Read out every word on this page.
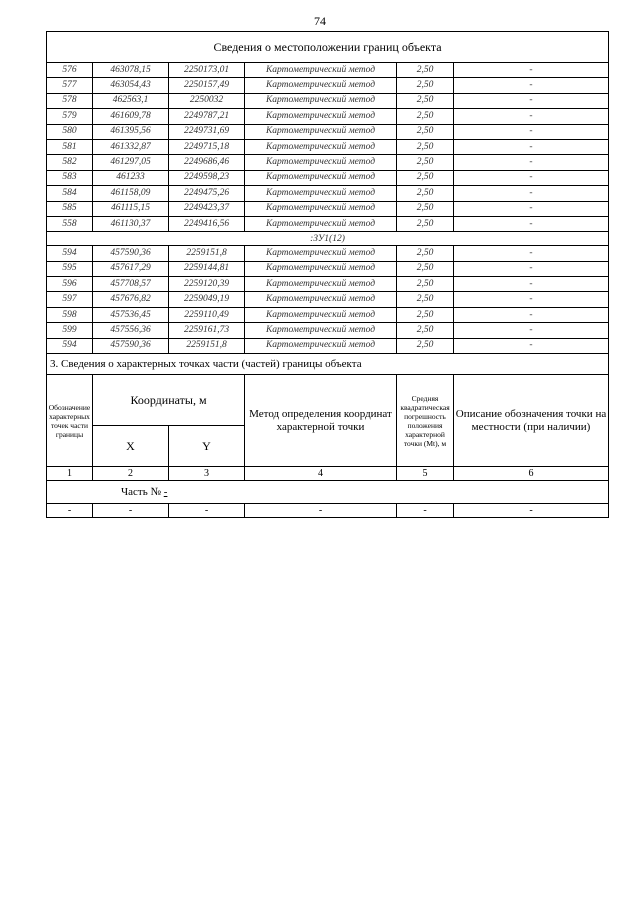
74
Сведения о местоположении границ объекта					
576	463078,15	2250173,01	Картометрический метод	2,50	-
577	463054,43	2250157,49	Картометрический метод	2,50	-
578	462563,1	2250032	Картометрический метод	2,50	-
579	461609,78	2249787,21	Картометрический метод	2,50	-
580	461395,56	2249731,69	Картометрический метод	2,50	-
581	461332,87	2249715,18	Картометрический метод	2,50	-
582	461297,05	2249686,46	Картометрический метод	2,50	-
583	461233	2249598,23	Картометрический метод	2,50	-
584	461158,09	2249475,26	Картометрический метод	2,50	-
585	461115,15	2249423,37	Картометрический метод	2,50	-
558	461130,37	2249416,56	Картометрический метод	2,50	-
:ЗУ1(12)					
594	457590,36	2259151,8	Картометрический метод	2,50	-
595	457617,29	2259144,81	Картометрический метод	2,50	-
596	457708,57	2259120,39	Картометрический метод	2,50	-
597	457676,82	2259049,19	Картометрический метод	2,50	-
598	457536,45	2259110,49	Картометрический метод	2,50	-
599	457556,36	2259161,73	Картометрический метод	2,50	-
594	457590,36	2259151,8	Картометрический метод	2,50	-
3. Сведения о характерных точках части (частей) границы объекта					
Обозначение характерных точек части границы	Координаты, м		Метод определения координат характерной точки	Средняя квадратическая погрешность положения характерной точки (Mt), м	Описание обозначения точки на местности (при наличии)
	X	Y			
1	2	3	4	5	6
Часть № -					
-	-	-	-	-	-
